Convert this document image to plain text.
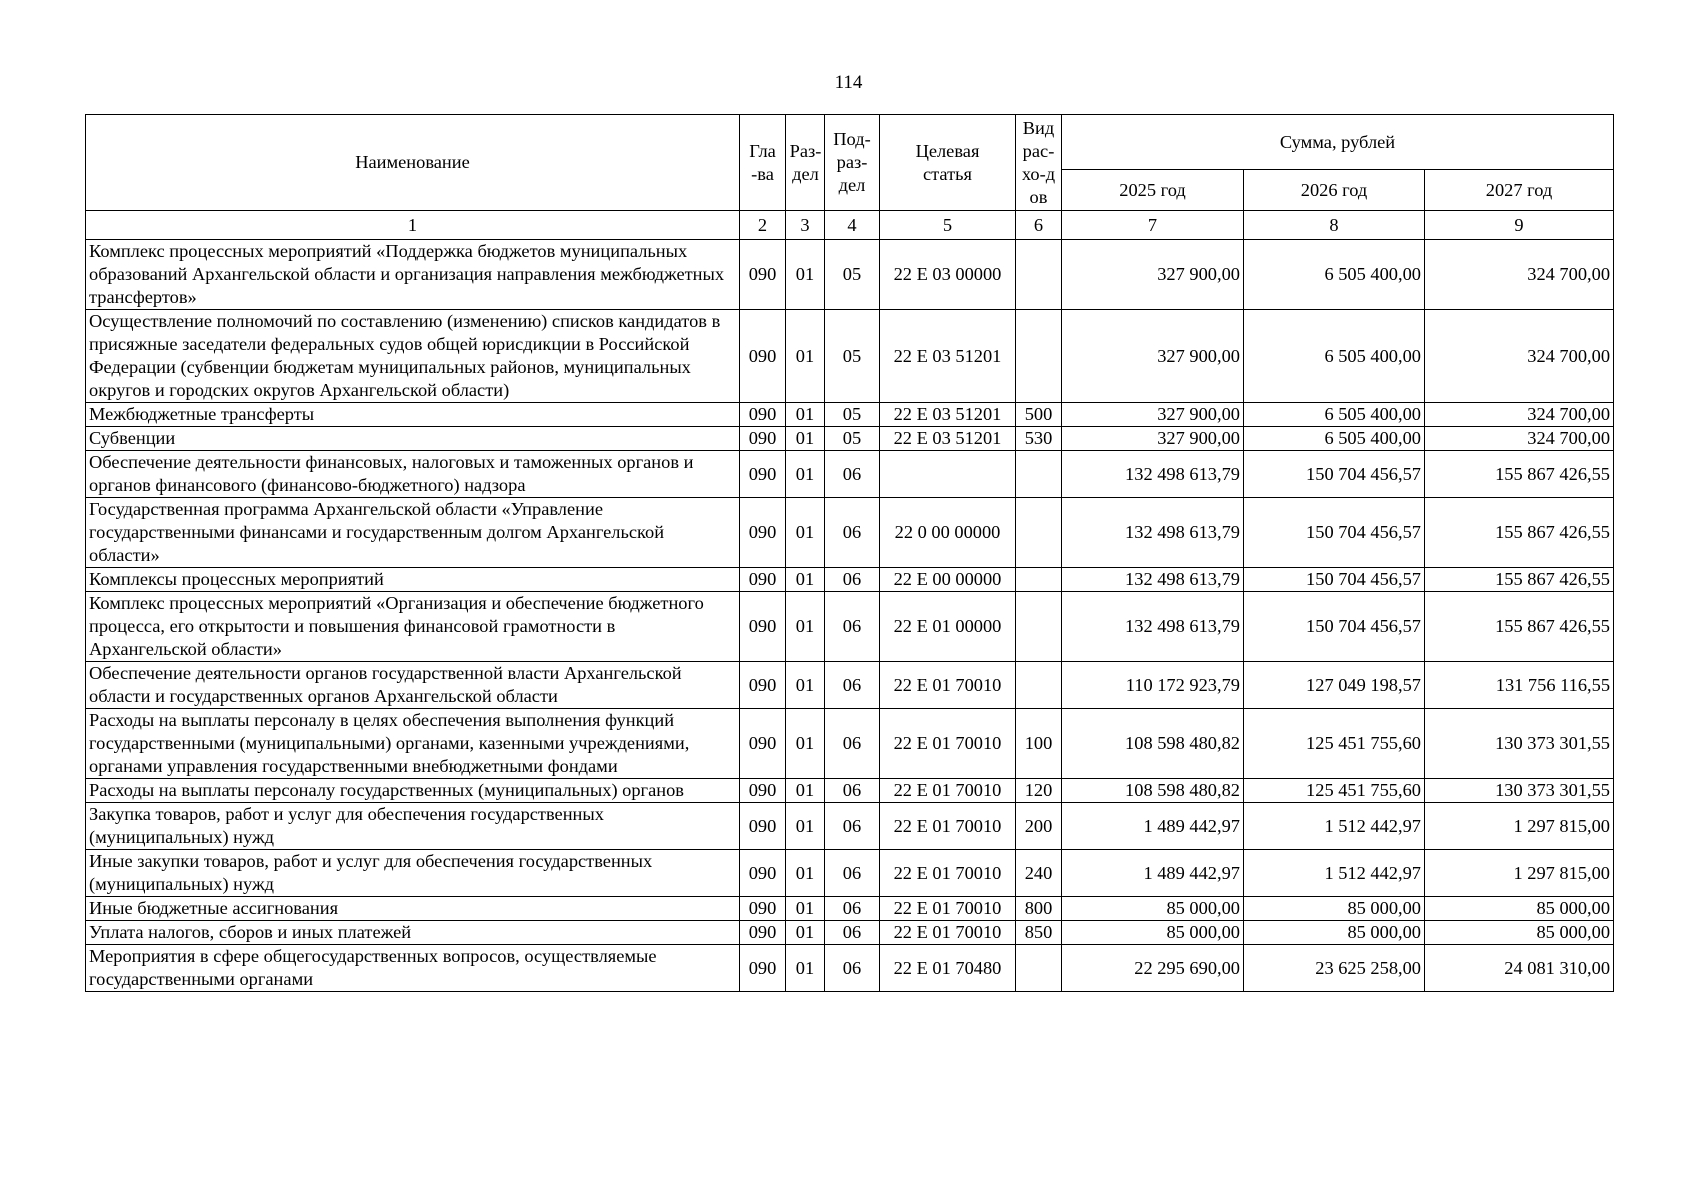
114
Наименование	Гла-ва	Раз-дел	Под-раз-дел	Целевая статья	Вид рас-хо-дов	Сумма, рублей		
						2025 год	2026 год	2027 год
1	2	3	4	5	6	7	8	9
Комплекс процессных мероприятий «Поддержка бюджетов муниципальных образований Архангельской области и организация направления межбюджетных трансфертов»	090	01	05	22 Е 03 00000		327 900,00	6 505 400,00	324 700,00
Осуществление полномочий по составлению (изменению) списков кандидатов в присяжные заседатели федеральных судов общей юрисдикции в Российской Федерации (субвенции бюджетам муниципальных районов, муниципальных округов и городских округов Архангельской области)	090	01	05	22 Е 03 51201		327 900,00	6 505 400,00	324 700,00
Межбюджетные трансферты	090	01	05	22 Е 03 51201	500	327 900,00	6 505 400,00	324 700,00
Субвенции	090	01	05	22 Е 03 51201	530	327 900,00	6 505 400,00	324 700,00
Обеспечение деятельности финансовых, налоговых и таможенных органов и органов финансового (финансово-бюджетного) надзора	090	01	06			132 498 613,79	150 704 456,57	155 867 426,55
Государственная программа Архангельской области «Управление государственными финансами и государственным долгом Архангельской области»	090	01	06	22 0 00 00000		132 498 613,79	150 704 456,57	155 867 426,55
Комплексы процессных мероприятий	090	01	06	22 Е 00 00000		132 498 613,79	150 704 456,57	155 867 426,55
Комплекс процессных мероприятий «Организация и обеспечение бюджетного процесса, его открытости и повышения финансовой грамотности в Архангельской области»	090	01	06	22 Е 01 00000		132 498 613,79	150 704 456,57	155 867 426,55
Обеспечение деятельности органов государственной власти Архангельской области и государственных органов Архангельской области	090	01	06	22 Е 01 70010		110 172 923,79	127 049 198,57	131 756 116,55
Расходы на выплаты персоналу в целях обеспечения выполнения функций государственными (муниципальными) органами, казенными учреждениями, органами управления государственными внебюджетными фондами	090	01	06	22 Е 01 70010	100	108 598 480,82	125 451 755,60	130 373 301,55
Расходы на выплаты персоналу государственных (муниципальных) органов	090	01	06	22 Е 01 70010	120	108 598 480,82	125 451 755,60	130 373 301,55
Закупка товаров, работ и услуг для обеспечения государственных (муниципальных) нужд	090	01	06	22 Е 01 70010	200	1 489 442,97	1 512 442,97	1 297 815,00
Иные закупки товаров, работ и услуг для обеспечения государственных (муниципальных) нужд	090	01	06	22 Е 01 70010	240	1 489 442,97	1 512 442,97	1 297 815,00
Иные бюджетные ассигнования	090	01	06	22 Е 01 70010	800	85 000,00	85 000,00	85 000,00
Уплата налогов, сборов и иных платежей	090	01	06	22 Е 01 70010	850	85 000,00	85 000,00	85 000,00
Мероприятия в сфере общегосударственных вопросов, осуществляемые государственными органами	090	01	06	22 Е 01 70480		22 295 690,00	23 625 258,00	24 081 310,00
